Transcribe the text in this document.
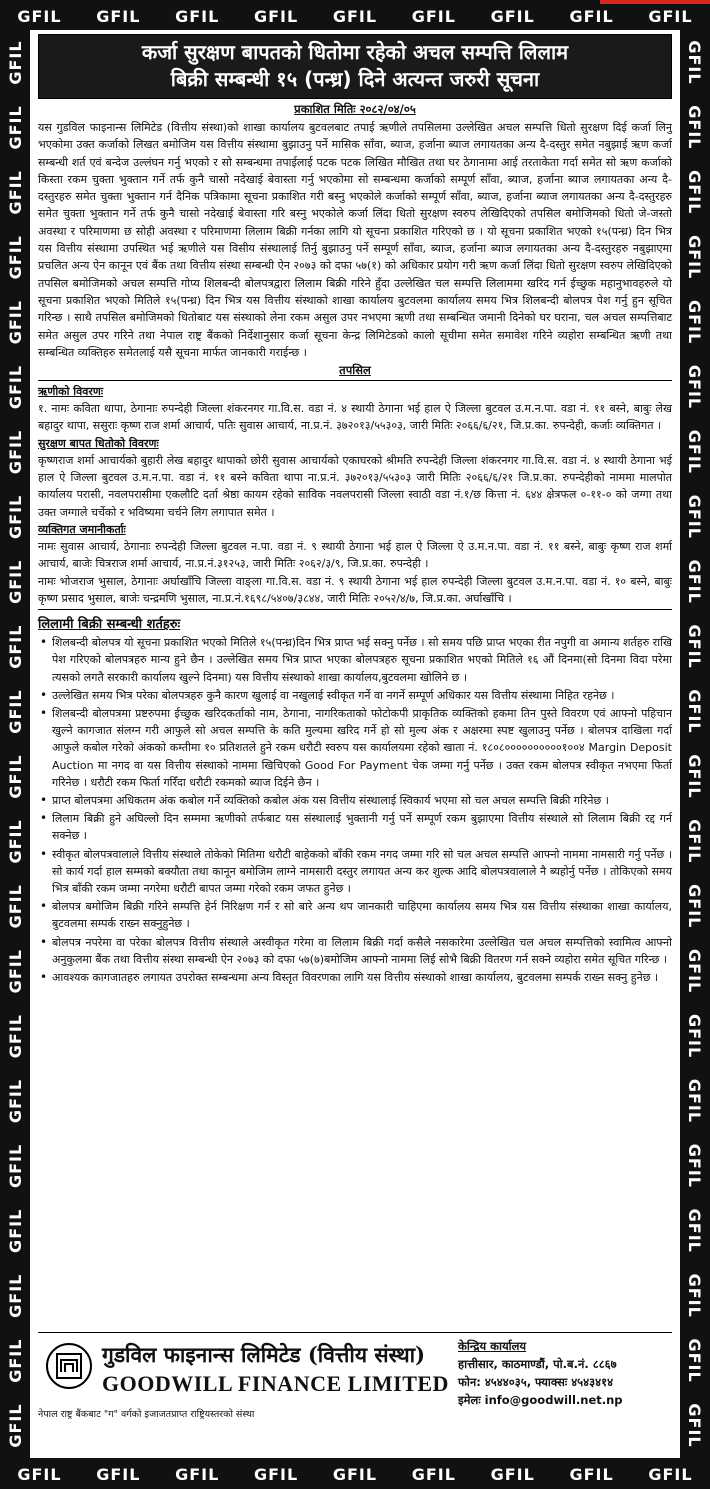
GFIL GFIL GFIL GFIL GFIL GFIL GFIL GFIL GFIL
GFIL GFIL GFIL GFIL GFIL GFIL GFIL GFIL GFIL
GFIL
GFIL
GFIL
GFIL
GFIL
GFIL
GFIL
GFIL
GFIL
GFIL
GFIL
GFIL
GFIL
GFIL
GFIL
GFIL
GFIL
GFIL
GFIL
GFIL
GFIL
GFIL	GFIL
GFIL
GFIL
GFIL
GFIL
GFIL
GFIL
GFIL
GFIL
GFIL
GFIL
GFIL
GFIL
GFIL
GFIL
GFIL
GFIL
GFIL
GFIL
GFIL
GFIL
GFIL
कर्जा सुरक्षण बापतको धितोमा रहेको अचल सम्पत्ति लिलाम
बिक्री सम्बन्धी १५ (पन्ध्र) दिने अत्यन्त जरुरी सूचना
प्रकाशित मितिः २०८२/०४/०५

यस गुडविल फाइनान्स लिमिटेड (वित्तीय संस्था)को शाखा कार्यालय बुटवलबाट तपाई ऋणीले तपसिलमा उल्लेखित अचल सम्पत्ति धितो सुरक्षण दिई कर्जा लिनु भएकोमा उक्त कर्जाको लिखत बमोजिम यस वित्तीय संस्थामा बुझाउनु पर्ने मासिक साँवा, ब्याज, हर्जाना ब्याज लगायतका अन्य दै-दस्तुर समेत नबुझाई ऋण कर्जा सम्बन्धी शर्त एवं बन्देज उल्लंघन गर्नु भएको र सो सम्बन्धमा तपाईलाई पटक पटक लिखित मौखित तथा घर ठेगानामा आई तरताकेता गर्दा समेत सो ऋण कर्जाको किस्ता रकम चुक्ता भुक्तान गर्ने तर्फ कुनै चासो नदेखाई बेवास्ता गर्नु भएकोमा सो सम्बन्धमा कर्जाको सम्पूर्ण साँवा, ब्याज, हर्जाना ब्याज लगायतका अन्य दै-दस्तुरहरु समेत चुक्ता भुक्तान गर्न दैनिक पत्रिकामा सूचना प्रकाशित गरी बस्नु भएकोले कर्जाको सम्पूर्ण साँवा, ब्याज, हर्जाना ब्याज लगायतका अन्य दै-दस्तुरहरु समेत चुक्ता भुक्तान गर्ने तर्फ कुनै चासो नदेखाई बेवास्ता गरि बस्नु भएकोले कर्जा लिंदा धितो सुरक्षण स्वरुप लेखिदिएको तपसिल बमोजिमको धितो जे-जस्तो अवस्था र परिमाणमा छ सोही अवस्था र परिमाणमा लिलाम बिक्री गर्नका लागि यो सूचना प्रकाशित गरिएको छ । यो सूचना प्रकाशित भएको १५(पन्ध्र) दिन भित्र यस वित्तीय संस्थामा उपस्थित भई ऋणीले यस विसीय संस्थालाई तिर्नु बुझाउनु पर्ने सम्पूर्ण साँवा, ब्याज, हर्जाना ब्याज लगायतका अन्य दै-दस्तुरहरु नबुझाएमा प्रचलित अन्य ऐन कानून एवं बैंक तथा वित्तीय संस्था सम्बन्धी ऐन २०७३ को दफा ५७(१) को अधिकार प्रयोग गरी ऋण कर्जा लिंदा धितो सुरक्षण स्वरुप लेखिदिएको तपसिल बमोजिमको अचल सम्पत्ति गोप्य शिलबन्दी बोलपत्रद्वारा लिलाम बिक्री गरिने हुँदा उल्लेखित चल सम्पत्ति लिलाममा खरिद गर्न ईच्छुक महानुभावहरुले यो सूचना प्रकाशित भएको मितिले १५(पन्ध्र) दिन भित्र यस वित्तीय संस्थाको शाखा कार्यालय बुटवलमा कार्यालय समय भित्र शिलबन्दी बोलपत्र पेश गर्नु हुन सूचित गरिन्छ । साथै तपसिल बमोजिमको धितोबाट यस संस्थाको लेना रकम असुल उपर नभएमा ऋणी तथा सम्बन्धित जमानी दिनेको घर घराना, चल अचल सम्पत्तिबाट समेत असुल उपर गरिने तथा नेपाल राष्ट्र बैंकको निर्देशानुसार कर्जा सूचना केन्द्र लिमिटेडको कालो सूचीमा समेत समावेश गरिने व्यहोरा सम्बन्धित ऋणी तथा सम्बन्धित व्यक्तिहरु समेतलाई यसै सूचना मार्फत जानकारी गराईन्छ ।

तपसिल
ऋणीको विवरणः

१. नामः कविता थापा, ठेगानाः रुपन्देही जिल्ला शंकरनगर गा.वि.स. वडा नं. ४ स्थायी ठेगाना भई हाल ऐ जिल्ला बुटवल उ.म.न.पा. वडा नं. ११ बस्ने, बाबुः लेख बहादुर थापा, ससुराः कृष्ण राज शर्मा आचार्य, पतिः सुवास आचार्य, ना.प्र.नं. ३७२०१३/५५३०३, जारी मितिः २०६६/६/२१, जि.प्र.का. रुपन्देही, कर्जाः व्यक्तिगत ।

सुरक्षण बापत धितोको विवरणः

कृष्णराज शर्मा आचार्यको बुहारी लेख बहादुर थापाको छोरी सुवास आचार्यको एकाघरको श्रीमति रुपन्देही जिल्ला शंकरनगर गा.वि.स. वडा नं. ४ स्थायी ठेगाना भई हाल ऐ जिल्ला बुटवल उ.म.न.पा. वडा नं. ११ बस्ने कविता थापा ना.प्र.नं. ३७२०१३/५५३०३ जारी मितिः २०६६/६/२१ जि.प्र.का. रुपन्देहीको नाममा मालपोत कार्यालय परासी, नवलपरासीमा एकलौटि दर्ता श्रेष्ठा कायम रहेको साविक नवलपरासी जिल्ला स्वाठी वडा नं.१/छ कित्ता नं. ६४४ क्षेत्रफल ०-११-० को जग्गा तथा उक्त जग्गाले चर्चेको र भविष्यमा चर्चने लिग लगापात समेत ।

व्यक्तिगत जमानीकर्ताः

नामः सुवास आचार्य, ठेगानाः रुपन्देही जिल्ला बुटवल न.पा. वडा नं. ९ स्थायी ठेगाना भई हाल ऐ जिल्ला ऐ उ.म.न.पा. वडा नं. ११ बस्ने, बाबुः कृष्ण राज शर्मा आचार्य, बाजेः चित्रराज शर्मा आचार्य, ना.प्र.नं.३१२५३, जारी मितिः २०६२/३/९, जि.प्र.का. रुपन्देही ।

नामः भोजराज भुसाल, ठेगानाः अर्घाखाँचि जिल्ला वाङ्ला गा.वि.स. वडा नं. ९ स्थायी ठेगाना भई हाल रुपन्देही जिल्ला बुटवल उ.म.न.पा. वडा नं. १० बस्ने, बाबुः कृष्ण प्रसाद भुसाल, बाजेः चन्द्रमणि भुसाल, ना.प्र.नं.१६९८/५४०७/३८४४, जारी मितिः २०५२/४/७, जि.प्र.का. अर्घाखाँचि ।

लिलामी बिक्री सम्बन्धी शर्तहरुः
• शिलबन्दी बोलपत्र यो सूचना प्रकाशित भएको मितिले १५(पन्ध्र)दिन भित्र प्राप्त भई सक्नु पर्नेछ । सो समय पछि प्राप्त भएका रीत नपुगी वा अमान्य शर्तहरु राखि पेश गरिएको बोलपत्रहरु मान्य हुने छैन । उल्लेखित समय भित्र प्राप्त भएका बोलपत्रहरु सूचना प्रकाशित भएको मितिले १६ औं दिनमा(सो दिनमा विदा परेमा त्यसको लगतै सरकारी कार्यालय खुल्ने दिनमा) यस वित्तीय संस्थाको शाखा कार्यालय,बुटवलमा खोलिने छ ।
• उल्लेखित समय भित्र परेका बोलपत्रहरु कुनै कारण खुलाई वा नखुलाई स्वीकृत गर्ने वा नगर्ने सम्पूर्ण अधिकार यस वित्तीय संस्थामा निहित रहनेछ ।
• शिलबन्दी बोलपत्रमा प्रष्टरुपमा ईच्छुक खरिदकर्ताको नाम, ठेगाना, नागरिकताको फोटोकपी प्राकृतिक व्यक्तिको हकमा तिन पुस्ते विवरण एवं आफ्नो पहिचान खुल्ने कागजात संलग्न गरी आफुले सो अचल सम्पत्ति के कति मुल्यमा खरिद गर्ने हो सो मुल्य अंक र अक्षरमा स्पष्ट खुलाउनु पर्नेछ । बोलपत्र दाखिला गर्दा आफुले कबोल गरेको अंकको कम्तीमा १० प्रतिशतले हुने रकम धरौटी स्वरुप यस कार्यालयमा रहेको खाता नं. १८०८००००००००००१००४ Margin Deposit Auction मा नगद वा यस वित्तीय संस्थाको नाममा खिचिएको Good For Payment चेक जम्मा गर्नु पर्नेछ । उक्त रकम बोलपत्र स्वीकृत नभएमा फिर्ता गरिनेछ । धरौटी रकम फिर्ता गरिँदा धरौटी रकमको ब्याज दिईने छैन ।
• प्राप्त बोलपत्रमा अधिकतम अंक कबोल गर्ने व्यक्तिको कबोल अंक यस वित्तीय संस्थालाई स्विकार्य भएमा सो चल अचल सम्पत्ति बिक्री गरिनेछ ।
• लिलाम बिक्री हुने अघिल्लो दिन सम्ममा ऋणीको तर्फबाट यस संस्थालाई भुक्तानी गर्नु पर्ने सम्पूर्ण रकम बुझाएमा वित्तीय संस्थाले सो लिलाम बिक्री रद्द गर्न सक्नेछ ।
• स्वीकृत बोलपत्रवालाले वित्तीय संस्थाले तोकेको मितिमा धरौटी बाहेकको बाँकी रकम नगद जम्मा गरि सो चल अचल सम्पत्ति आफ्नो नाममा नामसारी गर्नु पर्नेछ । सो कार्य गर्दा हाल सम्मको बक्यौता तथा कानून बमोजिम लाग्ने नामसारी दस्तुर लगायत अन्य कर शुल्क आदि बोलपत्रवालाले नै ब्यहोर्नु पर्नेछ । तोकिएको समय भित्र बाँकी रकम जम्मा नगरेमा धरौटी बापत जम्मा गरेको रकम जफत हुनेछ ।
• बोलपत्र बमोजिम बिक्री गरिने सम्पत्ति हेर्न निरिक्षण गर्न र सो बारे अन्य थप जानकारी चाहिएमा कार्यालय समय भित्र यस वित्तीय संस्थाका शाखा कार्यालय, बुटवलमा सम्पर्क राख्न सक्नुहुनेछ ।
• बोलपत्र नपरेमा वा परेका बोलपत्र वित्तीय संस्थाले अस्वीकृत गरेमा वा लिलाम बिक्री गर्दा कसैले नसकारेमा उल्लेखित चल अचल सम्पत्तिको स्वामित्व आफ्नो अनुकुलमा बैंक तथा वित्तीय संस्था सम्बन्धी ऐन २०७३ को दफा ५७(७)बमोजिम आफ्नो नाममा लिई सोभै बिक्री वितरण गर्न सक्ने व्यहोरा समेत सूचित गरिन्छ ।
• आवश्यक कागजातहरु लगायत उपरोक्त सम्बन्धमा अन्य विस्तृत विवरणका लागि यस वित्तीय संस्थाको शाखा कार्यालय, बुटवलमा सम्पर्क राख्न सक्नु हुनेछ ।
गुडविल फाइनान्स लिमिटेड (वित्तीय संस्था)
GOODWILL FINANCE LIMITED
नेपाल राष्ट्र बैंकबाट "ग" वर्गको इजाजतप्राप्त राष्ट्रियस्तरको संस्था
केन्द्रिय कार्यालय
हात्तीसार, काठमाण्डौं, पो.ब.नं. ८८६७
फोन: ४५४४०३५, फ्याक्सः ४५४३४१४
इमेलः info@goodwill.net.np
